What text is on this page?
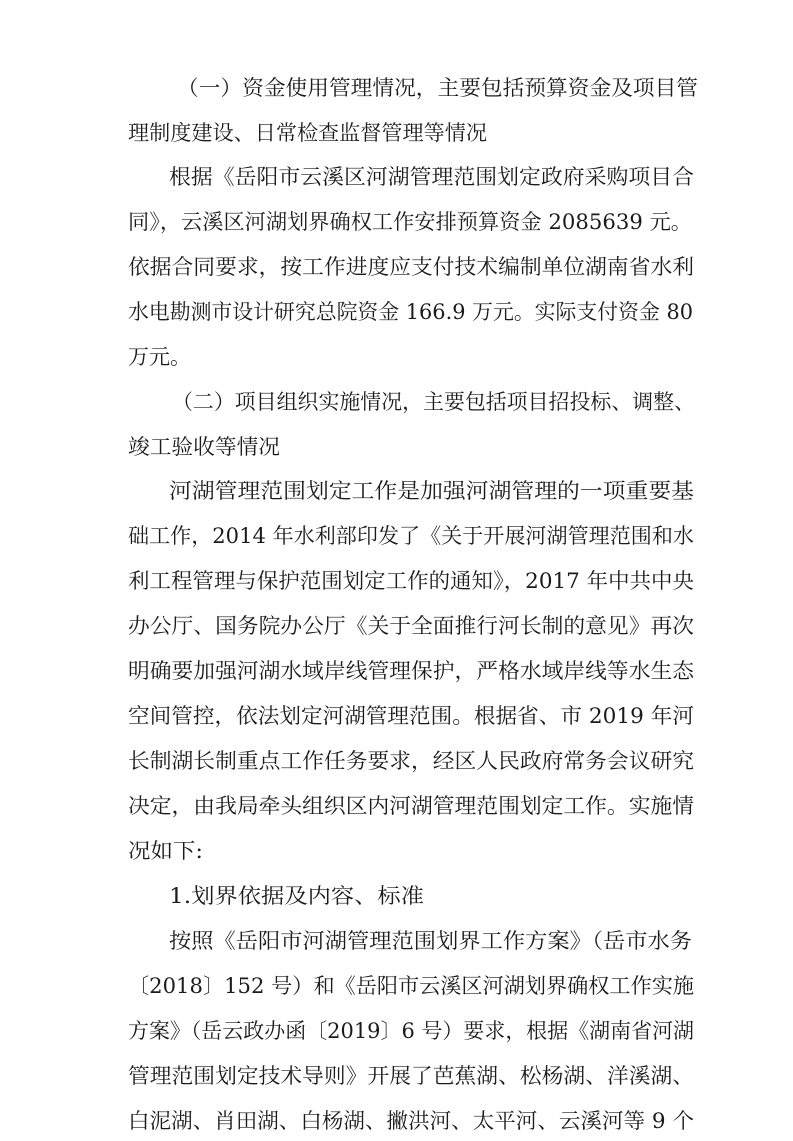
（一）资金使用管理情况，主要包括预算资金及项目管
理制度建设、日常检查监督管理等情况
根据《岳阳市云溪区河湖管理范围划定政府采购项目合
同》，云溪区河湖划界确权工作安排预算资金 2085639 元。
依据合同要求，按工作进度应支付技术编制单位湖南省水利
水电勘测市设计研究总院资金 166.9 万元。实际支付资金 80
万元。
（二）项目组织实施情况，主要包括项目招投标、调整、
竣工验收等情况
河湖管理范围划定工作是加强河湖管理的一项重要基
础工作，2014 年水利部印发了《关于开展河湖管理范围和水
利工程管理与保护范围划定工作的通知》，2017 年中共中央
办公厅、国务院办公厅《关于全面推行河长制的意见》再次
明确要加强河湖水域岸线管理保护，严格水域岸线等水生态
空间管控，依法划定河湖管理范围。根据省、市 2019 年河
长制湖长制重点工作任务要求，经区人民政府常务会议研究
决定，由我局牵头组织区内河湖管理范围划定工作。实施情
况如下:
1.划界依据及内容、标准
按照《岳阳市河湖管理范围划界工作方案》（岳市水务
〔2018〕152 号）和《岳阳市云溪区河湖划界确权工作实施
方案》（岳云政办函〔2019〕6 号）要求，根据《湖南省河湖
管理范围划定技术导则》开展了芭蕉湖、松杨湖、洋溪湖、
白泥湖、肖田湖、白杨湖、撇洪河、太平河、云溪河等 9 个
